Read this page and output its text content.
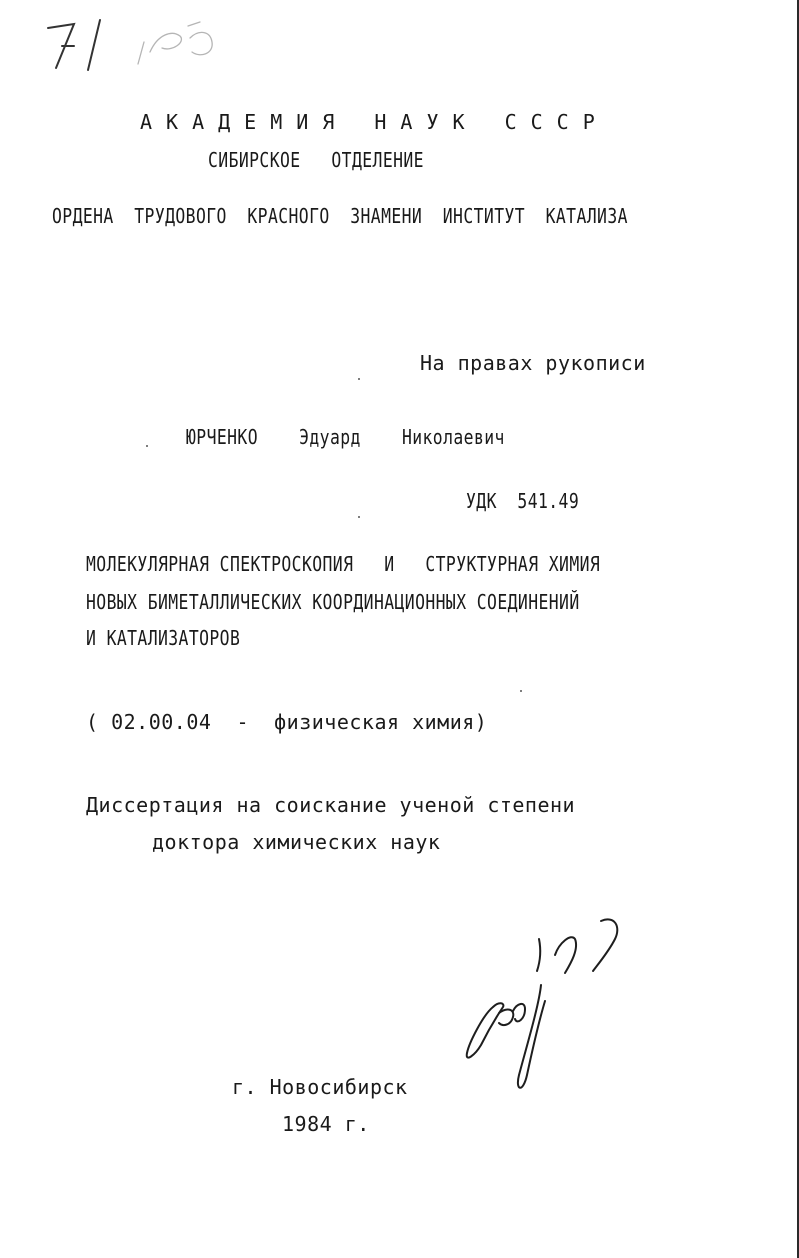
АКАДЕМИЯ НАУК СССР
СИБИРСКОЕ   ОТДЕЛЕНИЕ
ОРДЕНА  ТРУДОВОГО  КРАСНОГО  ЗНАМЕНИ  ИНСТИТУТ  КАТАЛИЗА
На правах рукописи
ЮРЧЕНКО    Эдуард    Николаевич
УДК  541.49
МОЛЕКУЛЯРНАЯ СПЕКТРОСКОПИЯ   И   СТРУКТУРНАЯ ХИМИЯ
НОВЫХ БИМЕТАЛЛИЧЕСКИХ КООРДИНАЦИОННЫХ СОЕДИНЕНИЙ
И КАТАЛИЗАТОРОВ
( 02.00.04  -  физическая химия)
Диссертация на соискание ученой степени
доктора химических наук
г. Новосибирск
1984 г.
